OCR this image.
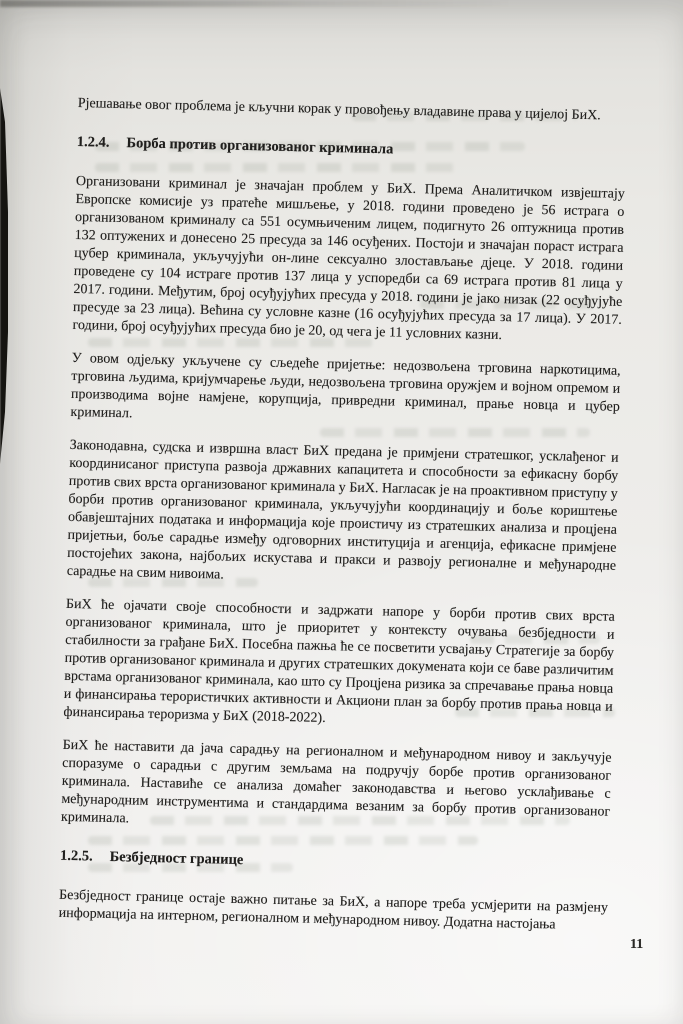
Рјешавање овог проблема је кључни корак у провођењу владавине права у цијелој БиХ.

1.2.4. Борба против организованог криминала

Организовани криминал је значајан проблем у БиХ. Према Аналитичком извјештају Европске комисије уз пратеће мишљење, у 2018. години проведено је 56 истрага о организованом криминалу са 551 осумњиченим лицем, подигнуто 26 оптужница против 132 оптужених и донесено 25 пресуда за 146 осуђених. Постоји и значајан пораст истрага цубер криминала, укључујући он-лине сексуално злостављање дјеце. У 2018. години проведене су 104 истраге против 137 лица у успоредби са 69 истрага против 81 лица у 2017. години. Међутим, број осуђујућих пресуда у 2018. години је јако низак (22 осуђујуће пресуде за 23 лица). Већина су условне казне (16 осуђујућих пресуда за 17 лица). У 2017. години, број осуђујућих пресуда био је 20, од чега је 11 условних казни.

У овом одјељку укључене су сљедеће пријетње: недозвољена трговина наркотицима, трговина људима, кријумчарење људи, недозвољена трговина оружјем и војном опремом и производима војне намјене, корупција, привредни криминал, прање новца и цубер криминал.

Законодавна, судска и извршна власт БиХ предана је примјени стратешког, усклађеног и координисаног приступа развоја државних капацитета и способности за ефикасну борбу против свих врста организованог криминала у БиХ. Нагласак је на проактивном приступу у борби против организованог криминала, укључујући координацију и боље кориштење обавјештајних података и информација које проистичу из стратешких анализа и процјена пријетњи, боље сарадње између одговорних институција и агенција, ефикасне примјене постојећих закона, најбољих искустава и пракси и развоју регионалне и међународне сарадње на свим нивоима.

БиХ ће ојачати своје способности и задржати напоре у борби против свих врста организованог криминала, што је приоритет у контексту очувања безбједности и стабилности за грађане БиХ. Посебна пажња ће се посветити усвајању Стратегије за борбу против организованог криминала и других стратешких докумената који се баве различитим врстама организованог криминала, као што су Процјена ризика за спречавање прања новца и финансирања терористичких активности и Акциони план за борбу против прања новца и финансирања тероризма у БиХ (2018-2022).

БиХ ће наставити да јача сарадњу на регионалном и међународном нивоу и закључује споразуме о сарадњи с другим земљама на подручју борбе против организованог криминала. Наставиће се анализа домаћег законодавства и његово усклађивање с међународним инструментима и стандардима везаним за борбу против организованог криминала.

1.2.5. Безбједност границе

Безбједност границе остаје важно питање за БиХ, а напоре треба усмјерити на размјену информација на интерном, регионалном и међународном нивоу. Додатна настојања

11
